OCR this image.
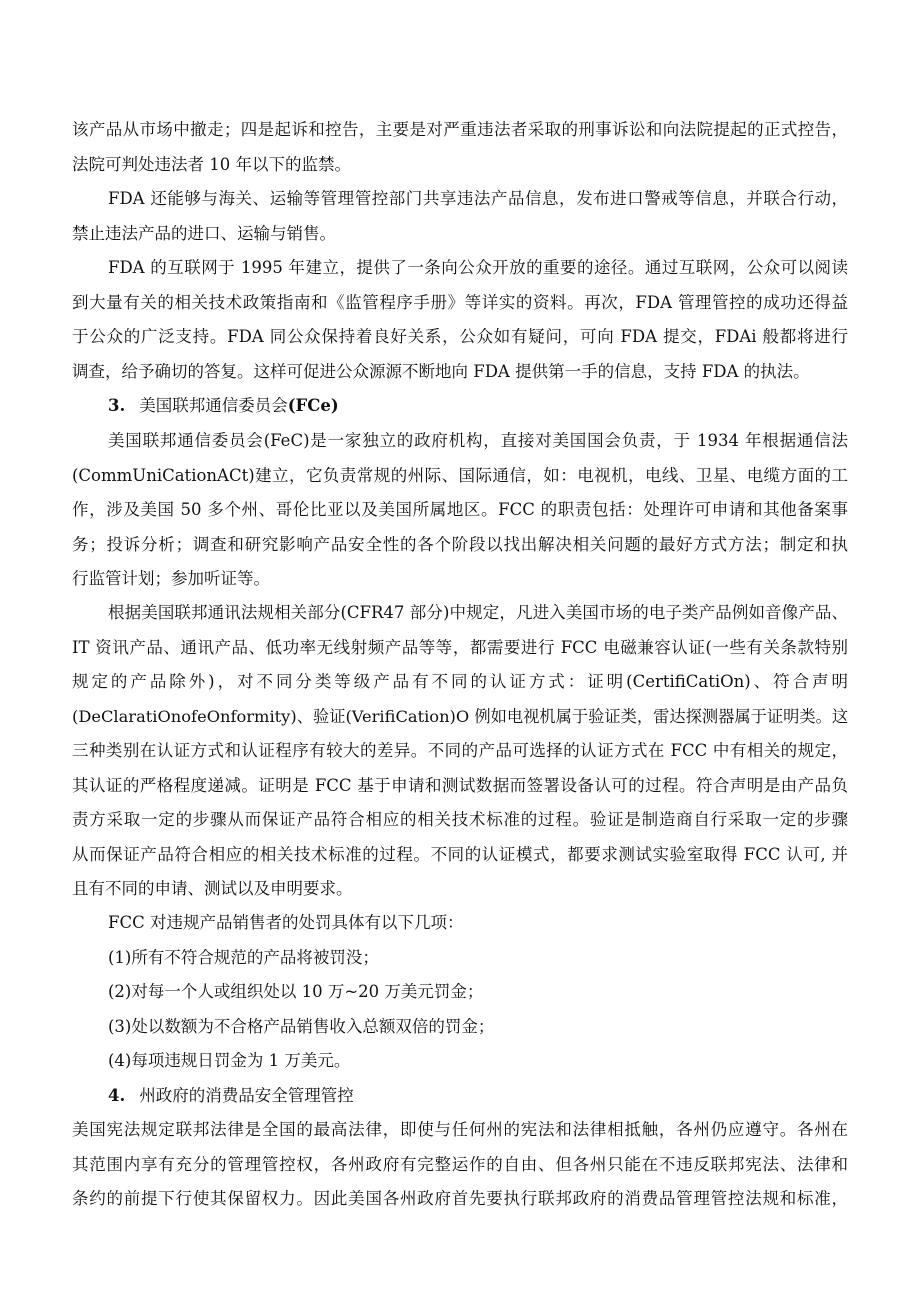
该产品从市场中撤走；四是起诉和控告，主要是对严重违法者采取的刑事诉讼和向法院提起的正式控告，
法院可判处违法者 10 年以下的监禁。
FDA 还能够与海关、运输等管理管控部门共享违法产品信息，发布进口警戒等信息，并联合行动，
禁止违法产品的进口、运输与销售。
FDA 的互联网于 1995 年建立，提供了一条向公众开放的重要的途径。通过互联网，公众可以阅读
到大量有关的相关技术政策指南和《监管程序手册》等详实的资料。再次，FDA 管理管控的成功还得益
于公众的广泛支持。FDA 同公众保持着良好关系，公众如有疑问，可向 FDA 提交，FDAi 般都将进行
调查，给予确切的答复。这样可促进公众源源不断地向 FDA 提供第一手的信息，支持 FDA 的执法。
3. 美国联邦通信委员会(FCe)
美国联邦通信委员会(FeC)是一家独立的政府机构，直接对美国国会负责，于 1934 年根据通信法
(CommUniCationACt)建立，它负责常规的州际、国际通信，如：电视机，电线、卫星、电缆方面的工
作，涉及美国 50 多个州、哥伦比亚以及美国所属地区。FCC 的职责包括：处理许可申请和其他备案事
务；投诉分析；调查和研究影响产品安全性的各个阶段以找出解决相关问题的最好方式方法；制定和执
行监管计划；参加听证等。
根据美国联邦通讯法规相关部分(CFR47 部分)中规定，凡进入美国市场的电子类产品例如音像产品、
IT 资讯产品、通讯产品、低功率无线射频产品等等，都需要进行 FCC 电磁兼容认证(一些有关条款特别
规定的产品除外)，对不同分类等级产品有不同的认证方式：证明(CertifiCatiOn)、符合声明
(DeClaratiOnofeOnformity)、验证(VerifiCation)O 例如电视机属于验证类，雷达探测器属于证明类。这
三种类别在认证方式和认证程序有较大的差异。不同的产品可选择的认证方式在 FCC 中有相关的规定，
其认证的严格程度递减。证明是 FCC 基于申请和测试数据而签署设备认可的过程。符合声明是由产品负
责方采取一定的步骤从而保证产品符合相应的相关技术标准的过程。验证是制造商自行采取一定的步骤
从而保证产品符合相应的相关技术标准的过程。不同的认证模式，都要求测试实验室取得 FCC 认可, 并
且有不同的申请、测试以及申明要求。
FCC 对违规产品销售者的处罚具体有以下几项：
(1)所有不符合规范的产品将被罚没；
(2)对每一个人或组织处以 10 万~20 万美元罚金；
(3)处以数额为不合格产品销售收入总额双倍的罚金；
(4)每项违规日罚金为 1 万美元。
4. 州政府的消费品安全管理管控
美国宪法规定联邦法律是全国的最高法律，即使与任何州的宪法和法律相抵触，各州仍应遵守。各州在
其范围内享有充分的管理管控权，各州政府有完整运作的自由、但各州只能在不违反联邦宪法、法律和
条约的前提下行使其保留权力。因此美国各州政府首先要执行联邦政府的消费品管理管控法规和标准，
